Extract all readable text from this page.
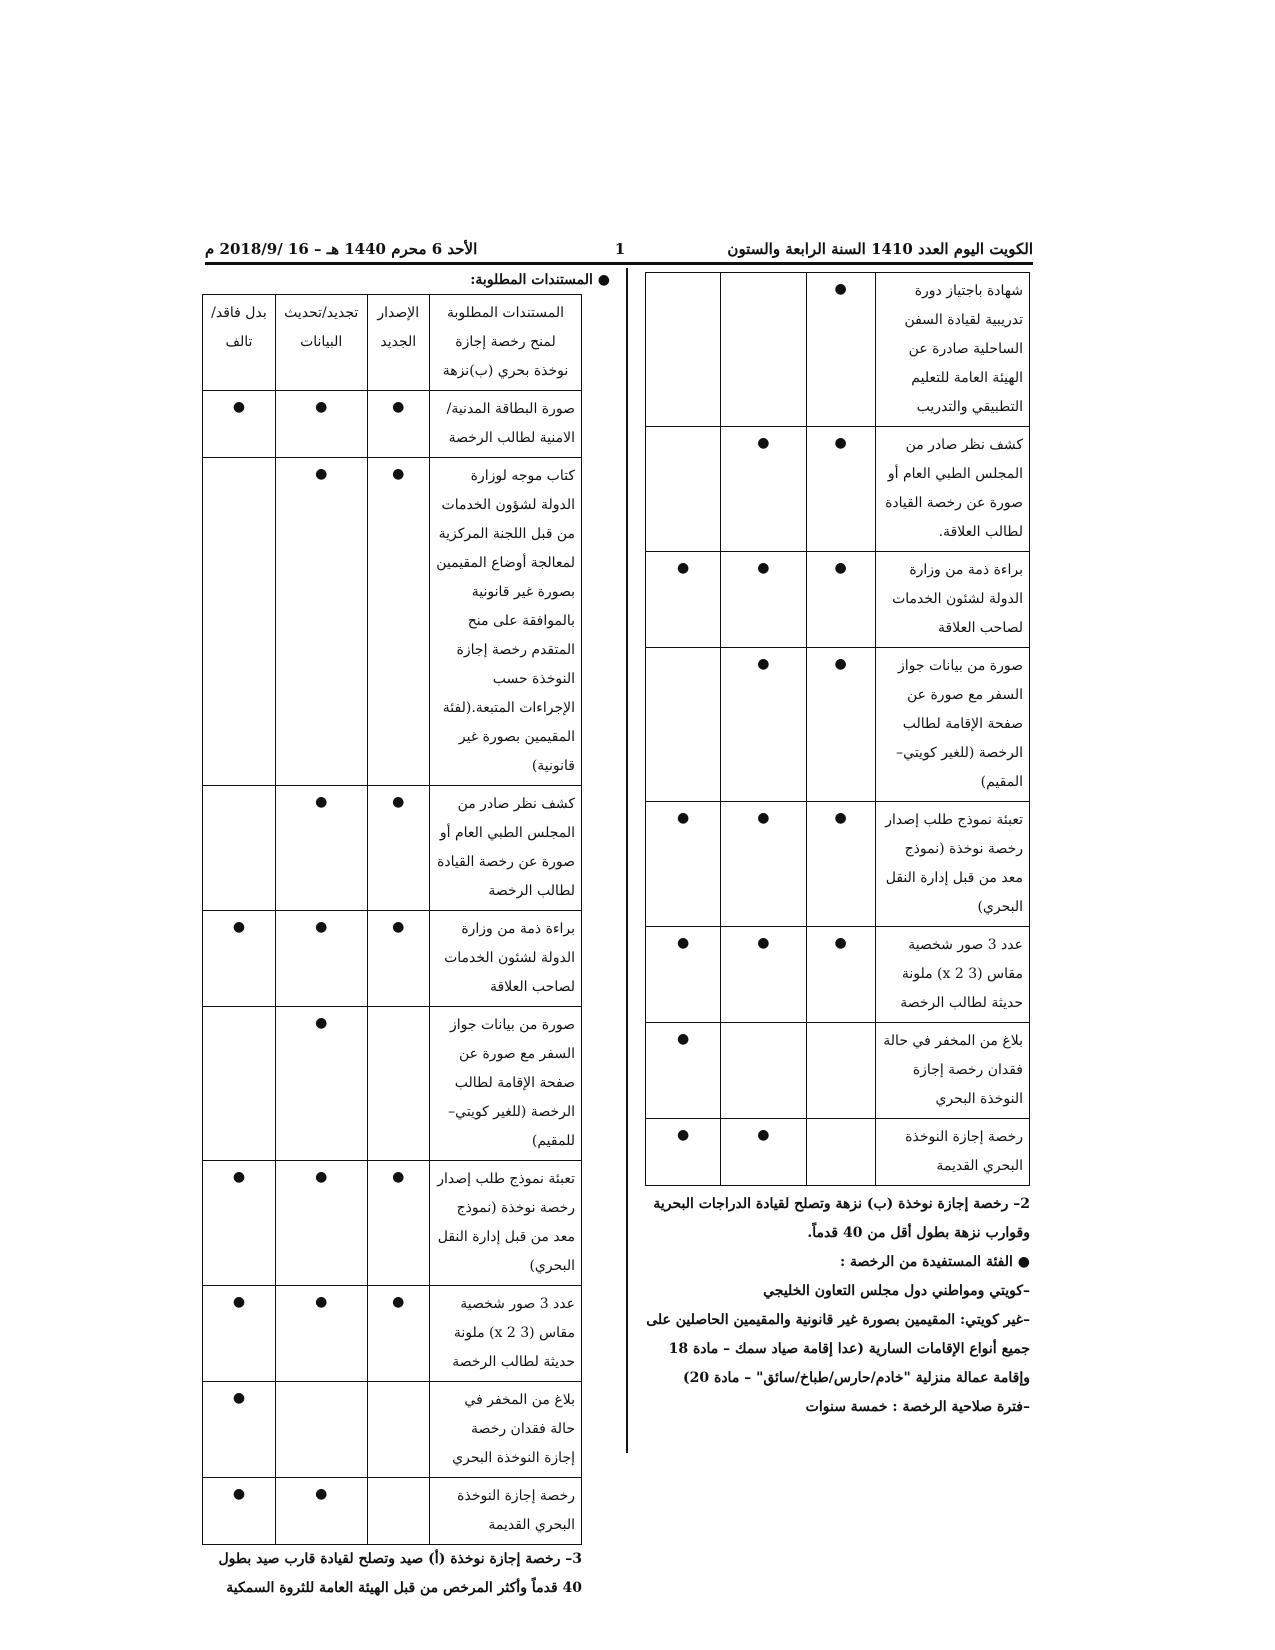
الكويت اليوم العدد 1410 السنة الرابعة والستون
1
الأحد 6 محرم 1440 هـ – 16 /2018/9 م
شهادة باجتياز دورة تدريبية لقيادة السفن الساحلية صادرة عن الهيئة العامة للتعليم التطبيقي والتدريب	●		

كشف نظر صادر من المجلس الطبي العام أو صورة عن رخصة القيادة لطالب العلاقة.	●	●	

براءة ذمة من وزارة الدولة لشئون الخدمات لصاحب العلاقة	●	●	●

صورة من بيانات جواز السفر مع صورة عن صفحة الإقامة لطالب الرخصة (للغير كويتي– المقيم)	●	●	

تعبئة نموذج طلب إصدار رخصة نوخذة (نموذج معد من قبل إدارة النقل البحري)	●	●	●

عدد 3 صور شخصية مقاس (3 x 2) ملونة حديثة لطالب الرخصة	●	●	●

بلاغ من المخفر في حالة فقدان رخصة إجازة النوخذة البحري			●

رخصة إجازة النوخذة البحري القديمة		●	●

2– رخصة إجازة نوخذة (ب) نزهة وتصلح لقيادة الدراجات البحرية وقوارب نزهة بطول أقل من 40 قدماً.

● الفئة المستفيدة من الرخصة :

–كويتي ومواطني دول مجلس التعاون الخليجي

–غير كويتي: المقيمين بصورة غير قانونية والمقيمين الحاصلين على جميع أنواع الإقامات السارية (عدا إقامة صياد سمك – مادة 18 وإقامة عمالة منزلية "خادم/حارس/طباخ/سائق" – مادة 20)

–فترة صلاحية الرخصة : خمسة سنوات

● المستندات المطلوبة:

المستندات المطلوبة لمنح رخصة إجازة نوخذة بحري (ب)نزهة	الإصدار الجديد	تجديد/تحديث البيانات	بدل فاقد/تالف
صورة البطاقة المدنية/الامنية لطالب الرخصة	●	●	●

كتاب موجه لوزارة الدولة لشؤون الخدمات من قبل اللجنة المركزية لمعالجة أوضاع المقيمين بصورة غير قانونية بالموافقة على منح المتقدم رخصة إجازة النوخذة حسب الإجراءات المتبعة.(لفئة المقيمين بصورة غير قانونية)	●	●	

كشف نظر صادر من المجلس الطبي العام أو صورة عن رخصة القيادة لطالب الرخصة	●	●	

براءة ذمة من وزارة الدولة لشئون الخدمات لصاحب العلاقة	●	●	●

صورة من بيانات جواز السفر مع صورة عن صفحة الإقامة لطالب الرخصة (للغير كويتي– للمقيم)		●	

تعبئة نموذج طلب إصدار رخصة نوخذة (نموذج معد من قبل إدارة النقل البحري)	●	●	●

عدد 3 صور شخصية مقاس (3 x 2) ملونة حديثة لطالب الرخصة	●	●	●

بلاغ من المخفر في حالة فقدان رخصة إجازة النوخذة البحري			●

رخصة إجازة النوخذة البحري القديمة		●	●

3– رخصة إجازة نوخذة (أ) صيد وتصلح لقيادة قارب صيد بطول 40 قدماً وأكثر المرخص من قبل الهيئة العامة للثروة السمكية
